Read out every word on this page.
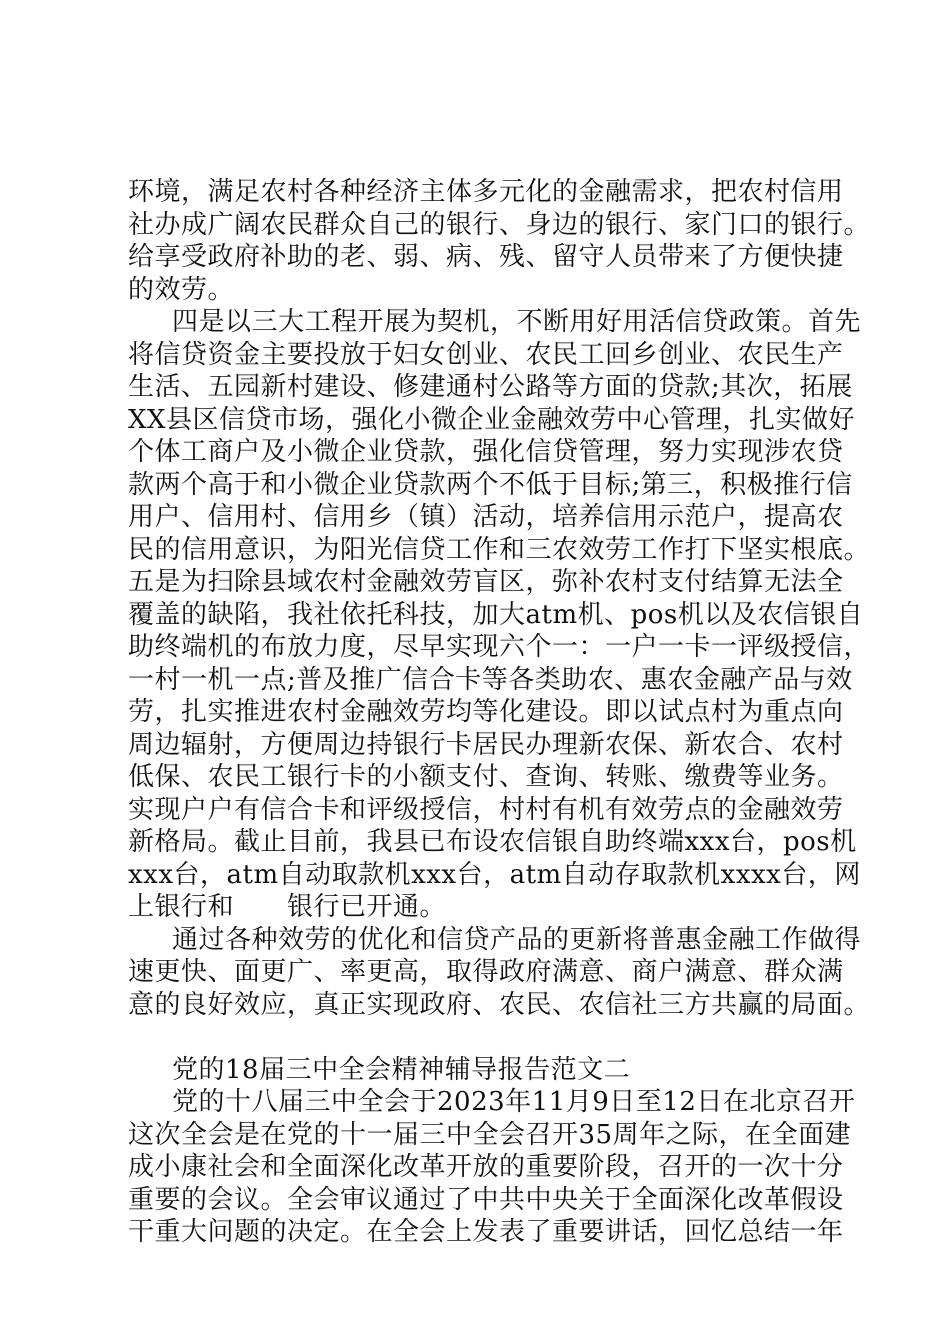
环境，满足农村各种经济主体多元化的金融需求，把农村信用
社办成广阔农民群众自己的银行、身边的银行、家门口的银行。
给享受政府补助的老、弱、病、残、留守人员带来了方便快捷
的效劳。
四是以三大工程开展为契机，不断用好用活信贷政策。首先
将信贷资金主要投放于妇女创业、农民工回乡创业、农民生产
生活、五园新村建设、修建通村公路等方面的贷款;其次，拓展
XX县区信贷市场，强化小微企业金融效劳中心管理，扎实做好
个体工商户及小微企业贷款，强化信贷管理，努力实现涉农贷
款两个高于和小微企业贷款两个不低于目标;第三，积极推行信
用户、信用村、信用乡（镇）活动，培养信用示范户，提高农
民的信用意识，为阳光信贷工作和三农效劳工作打下坚实根底。
五是为扫除县域农村金融效劳盲区，弥补农村支付结算无法全
覆盖的缺陷，我社依托科技，加大atm机、pos机以及农信银自
助终端机的布放力度，尽早实现六个一：一户一卡一评级授信，
一村一机一点;普及推广信合卡等各类助农、惠农金融产品与效
劳，扎实推进农村金融效劳均等化建设。即以试点村为重点向
周边辐射，方便周边持银行卡居民办理新农保、新农合、农村
低保、农民工银行卡的小额支付、查询、转账、缴费等业务。
实现户户有信合卡和评级授信，村村有机有效劳点的金融效劳
新格局。截止目前，我县已布设农信银自助终端xxx台，pos机
xxx台，atm自动取款机xxx台，atm自动存取款机xxxx台，网
上银行和　　银行已开通。
通过各种效劳的优化和信贷产品的更新将普惠金融工作做得
速更快、面更广、率更高，取得政府满意、商户满意、群众满
意的良好效应，真正实现政府、农民、农信社三方共赢的局面。
党的18届三中全会精神辅导报告范文二
党的十八届三中全会于2023年11月9日至12日在北京召开
这次全会是在党的十一届三中全会召开35周年之际，在全面建
成小康社会和全面深化改革开放的重要阶段，召开的一次十分
重要的会议。全会审议通过了中共中央关于全面深化改革假设
干重大问题的决定。在全会上发表了重要讲话，回忆总结一年
